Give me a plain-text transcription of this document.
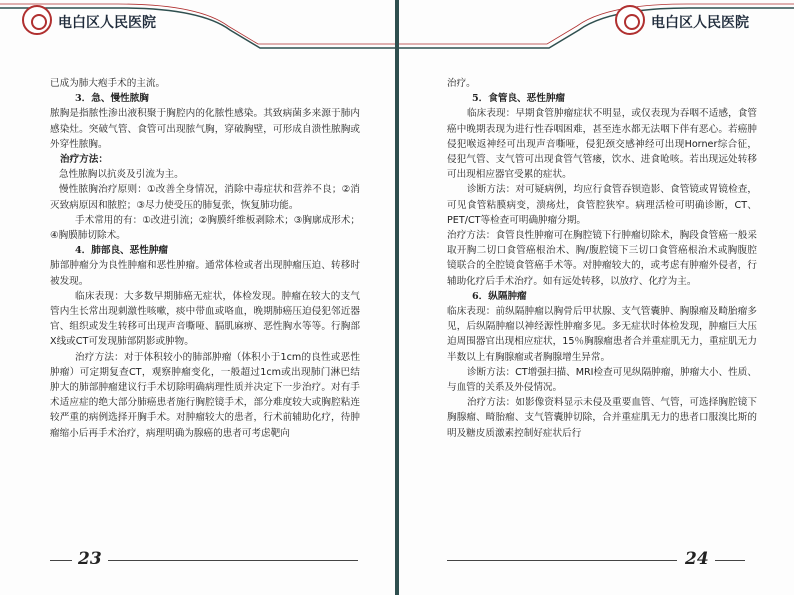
电白区人民医院
已成为肺大疱手术的主流。
3．急、慢性脓胸
脓胸是指脓性渗出液积聚于胸腔内的化脓性感染。其致病菌多来源于肺内感染灶。突破气管、食管可出现脓气胸，穿破胸壁，可形成自溃性脓胸或外穿性脓胸。
治疗方法：
急性脓胸以抗炎及引流为主。
慢性脓胸治疗原则：①改善全身情况，消除中毒症状和营养不良；②消灭致病原因和脓腔；③尽力使受压的肺复张，恢复肺功能。
手术常用的有：①改进引流；②胸膜纤维板剥除术；③胸廓成形术；④胸膜肺切除术。
4．肺部良、恶性肿瘤
肺部肿瘤分为良性肿瘤和恶性肿瘤。通常体检或者出现肿瘤压迫、转移时被发现。
临床表现：大多数早期肺癌无症状，体检发现。肿瘤在较大的支气管内生长常出现刺激性咳嗽，痰中带血或咯血，晚期肺癌压迫侵犯邻近器官、组织或发生转移可出现声音嘶哑、膈肌麻痹、恶性胸水等等。行胸部X线或CT可发现肺部阴影或肿物。
治疗方法：对于体积较小的肺部肿瘤（体积小于1cm的良性或恶性肿瘤）可定期复查CT，观察肿瘤变化，一般超过1cm或出现肺门淋巴结肿大的肺部肿瘤建议行手术切除明确病理性质并决定下一步治疗。对有手术适应症的绝大部分肺癌患者施行胸腔镜手术，部分难度较大或胸腔粘连较严重的病例选择开胸手术。对肿瘤较大的患者，行术前辅助化疗，待肿瘤缩小后再手术治疗，病理明确为腺癌的患者可考虑靶向
23
电白区人民医院
治疗。
5．食管良、恶性肿瘤
临床表现：早期食管肿瘤症状不明显，或仅表现为吞咽不适感，食管癌中晚期表现为进行性吞咽困难，甚至连水都无法咽下伴有恶心。若癌肿侵犯喉返神经可出现声音嘶哑，侵犯颈交感神经可出现Horner综合征，侵犯气管、支气管可出现食管气管瘘，饮水、进食呛咳。若出现远处转移可出现相应器官受累的症状。
诊断方法：对可疑病例，均应行食管吞钡造影、食管镜或胃镜检查，可见食管粘膜病变，溃疡灶，食管腔狭窄。病理活检可明确诊断，CT、PET/CT等检查可明确肿瘤分期。
治疗方法：食管良性肿瘤可在胸腔镜下行肿瘤切除术，胸段食管癌一般采取开胸二切口食管癌根治术、胸/腹腔镜下三切口食管癌根治术或胸腹腔镜联合的全腔镜食管癌手术等。对肿瘤较大的，或考虑有肿瘤外侵者，行辅助化疗后手术治疗。如有远处转移，以放疗、化疗为主。
6．纵隔肿瘤
临床表现：前纵隔肿瘤以胸骨后甲状腺、支气管囊肿、胸腺瘤及畸胎瘤多见，后纵隔肿瘤以神经源性肿瘤多见。多无症状时体检发现，肿瘤巨大压迫周围器官出现相应症状，15％胸腺瘤患者合并重症肌无力，重症肌无力半数以上有胸腺瘤或者胸腺增生异常。
诊断方法：CT增强扫描、MRI检查可见纵隔肿瘤，肿瘤大小、性质、与血管的关系及外侵情况。
治疗方法：如影像资料显示未侵及重要血管、气管，可选择胸腔镜下胸腺瘤、畸胎瘤、支气管囊肿切除，合并重症肌无力的患者口服溴比斯的明及糖皮质激素控制好症状后行
24
